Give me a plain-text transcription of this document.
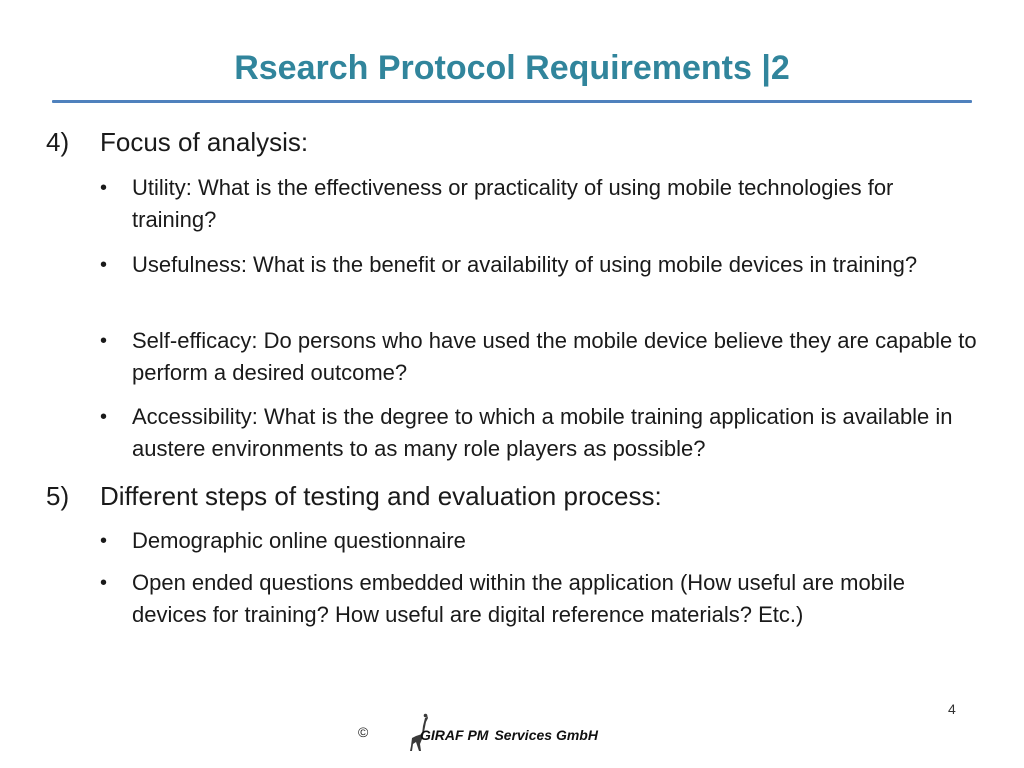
Rsearch Protocol Requirements |2
4) Focus of analysis:
• Utility: What is the effectiveness or practicality of using mobile technologies for training?
• Usefulness: What is the benefit or availability of using mobile devices in training?
• Self-efficacy: Do persons who have used the mobile device believe they are capable to perform a desired outcome?
• Accessibility: What is the degree to which a mobile training application is available in austere environments to as many role players as possible?
5) Different steps of testing and evaluation process:
• Demographic online questionnaire
• Open ended questions embedded within the application (How useful are mobile devices for training? How useful are digital reference materials? Etc.)
4
©	GIRAF PM Services GmbH
